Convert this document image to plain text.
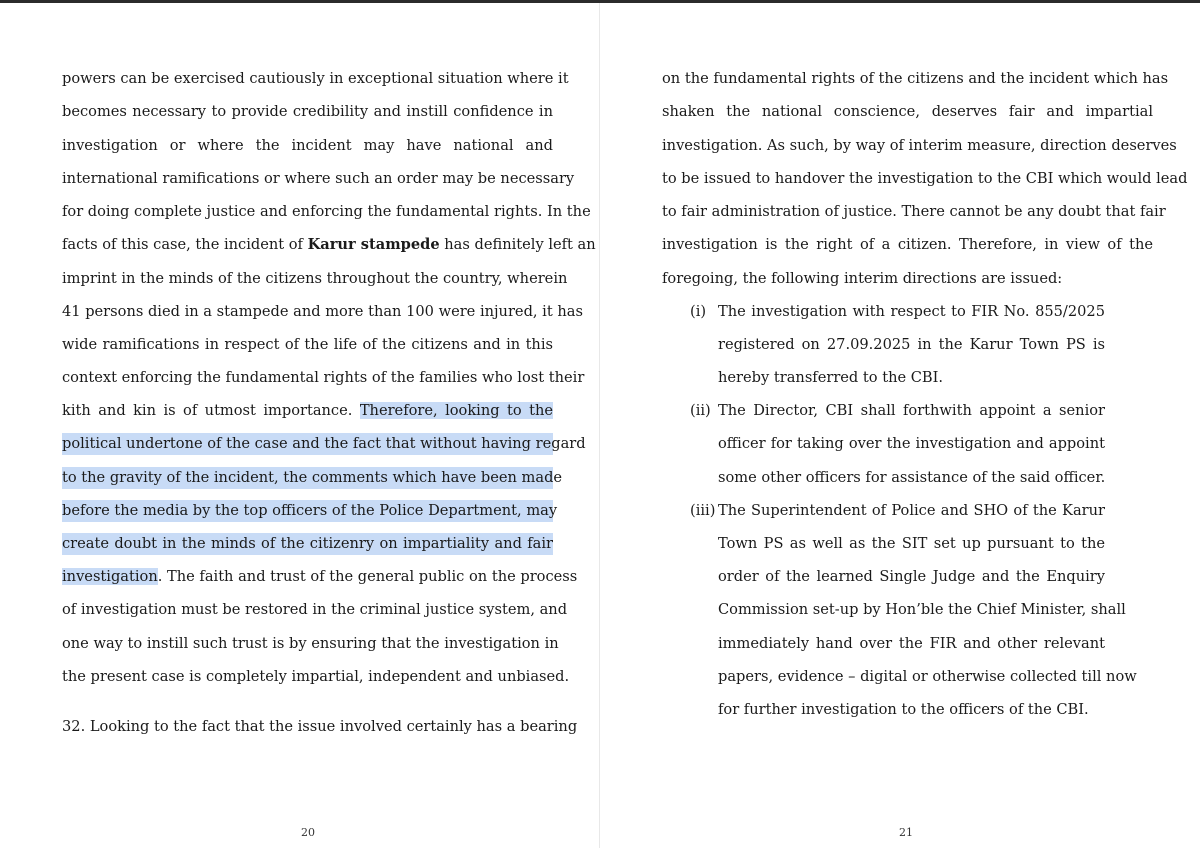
powers can be exercised cautiously in exceptional situation where it
becomes necessary to provide credibility and instill confidence in
investigation or where the incident may have national and
international ramifications or where such an order may be necessary
for doing complete justice and enforcing the fundamental rights. In the
facts of this case, the incident of Karur stampede has definitely left an
imprint in the minds of the citizens throughout the country, wherein
41 persons died in a stampede and more than 100 were injured, it has
wide ramifications in respect of the life of the citizens and in this
context enforcing the fundamental rights of the families who lost their
kith and kin is of utmost importance. Therefore, looking to the
political undertone of the case and the fact that without having regard
to the gravity of the incident, the comments which have been made
before the media by the top officers of the Police Department, may
create doubt in the minds of the citizenry on impartiality and fair
investigation. The faith and trust of the general public on the process
of investigation must be restored in the criminal justice system, and
one way to instill such trust is by ensuring that the investigation in
the present case is completely impartial, independent and unbiased.
32. Looking to the fact that the issue involved certainly has a bearing
20
on the fundamental rights of the citizens and the incident which has
shaken the national conscience, deserves fair and impartial
investigation. As such, by way of interim measure, direction deserves
to be issued to handover the investigation to the CBI which would lead
to fair administration of justice. There cannot be any doubt that fair
investigation is the right of a citizen. Therefore, in view of the
foregoing, the following interim directions are issued:
(i) The investigation with respect to FIR No. 855/2025
registered on 27.09.2025 in the Karur Town PS is
hereby transferred to the CBI.
(ii) The Director, CBI shall forthwith appoint a senior
officer for taking over the investigation and appoint
some other officers for assistance of the said officer.
(iii) The Superintendent of Police and SHO of the Karur
Town PS as well as the SIT set up pursuant to the
order of the learned Single Judge and the Enquiry
Commission set-up by Hon’ble the Chief Minister, shall
immediately hand over the FIR and other relevant
papers, evidence – digital or otherwise collected till now
for further investigation to the officers of the CBI.
21
